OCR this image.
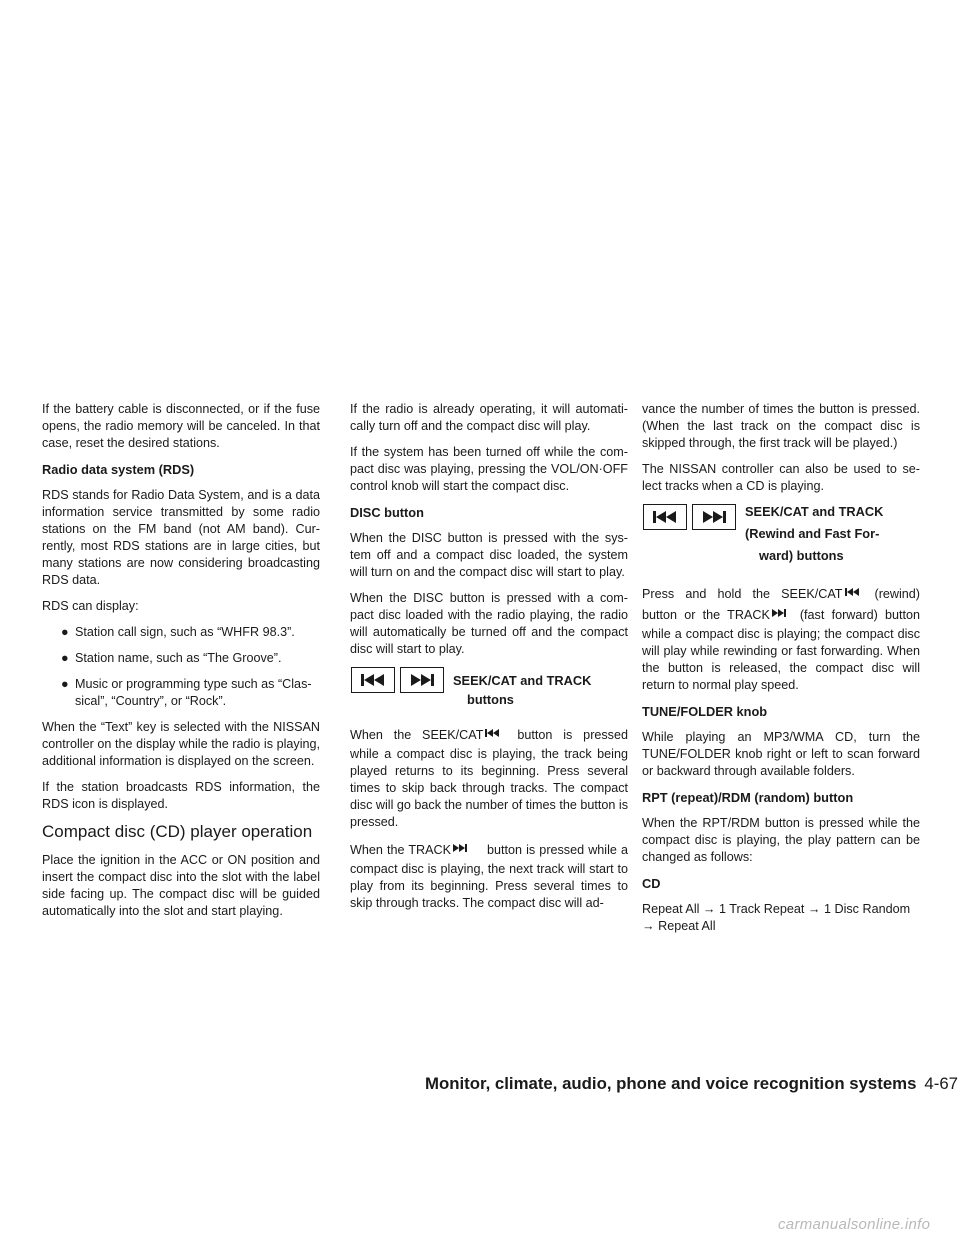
If the battery cable is disconnected, or if the fuse opens, the radio memory will be canceled. In that case, reset the desired stations.

Radio data system (RDS)

RDS stands for Radio Data System, and is a data information service transmitted by some radio stations on the FM band (not AM band). Cur-rently, most RDS stations are in large cities, but many stations are now considering broadcasting RDS data.

RDS can display:

● Station call sign, such as “WHFR 98.3”.
● Station name, such as “The Groove”.
● Music or programming type such as “Clas-sical”, “Country”, or “Rock”.

When the “Text” key is selected with the NISSAN controller on the display while the radio is playing, additional information is displayed on the screen.

If the station broadcasts RDS information, the RDS icon is displayed.

Compact disc (CD) player operation

Place the ignition in the ACC or ON position and insert the compact disc into the slot with the label side facing up. The compact disc will be guided automatically into the slot and start playing.

If the radio is already operating, it will automati-cally turn off and the compact disc will play.

If the system has been turned off while the com-pact disc was playing, pressing the VOL/ON·OFF control knob will start the compact disc.

DISC button

When the DISC button is pressed with the sys-tem off and a compact disc loaded, the system will turn on and the compact disc will start to play.

When the DISC button is pressed with a com-pact disc loaded with the radio playing, the radio will automatically be turned off and the compact disc will start to play.

SEEK/CAT and TRACK
buttons

When the SEEK/CAT	button is pressed while a compact disc is playing, the track being played returns to its beginning. Press several times to skip back through tracks. The compact disc will go back the number of times the button is pressed.

When the TRACK	button is pressed while a compact disc is playing, the next track will start to play from its beginning. Press several times to skip through tracks. The compact disc will ad-

vance the number of times the button is pressed. (When the last track on the compact disc is skipped through, the first track will be played.)

The NISSAN controller can also be used to se-lect tracks when a CD is playing.

SEEK/CAT and TRACK
(Rewind and Fast For-
ward) buttons

Press and hold the SEEK/CAT	(rewind) button or the TRACK (fast forward) button while a compact disc is playing; the compact disc will play while rewinding or fast forwarding. When the button is released, the compact disc will return to normal play speed.

TUNE/FOLDER knob

While playing an MP3/WMA CD, turn the TUNE/FOLDER knob right or left to scan forward or backward through available folders.

RPT (repeat)/RDM (random) button

When the RPT/RDM button is pressed while the compact disc is playing, the play pattern can be changed as follows:

CD

Repeat All → 1 Track Repeat → 1 Disc Random → Repeat All

Monitor, climate, audio, phone and voice recognition systems 4-67
carmanualsonline.info
